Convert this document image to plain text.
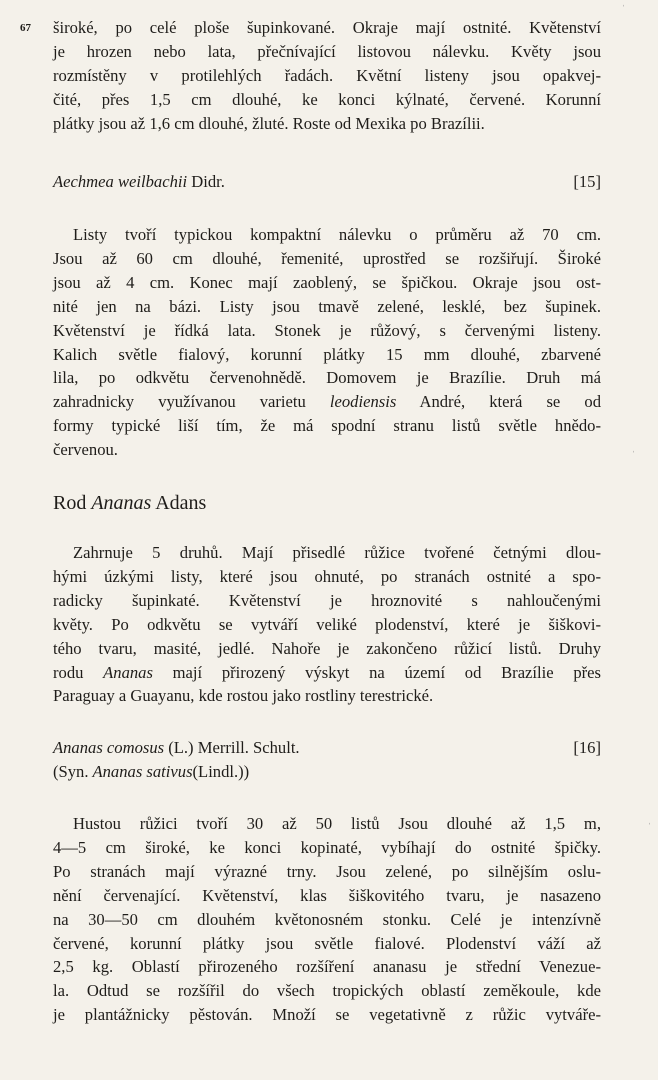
67
ˈ
ˈ
ˈ

široké, po celé ploše šupinkované. Okraje mají ostnité. Květenství
je hrozen nebo lata, přečnívající listovou nálevku. Květy jsou
rozmístěny v protilehlých řadách. Květní listeny jsou opakvej-
čité, přes 1,5 cm dlouhé, ke konci kýlnaté, červené. Korunní
plátky jsou až 1,6 cm dlouhé, žluté. Roste od Mexika po Brazílii.

Aechmea weilbachii Didr.	[15]

Listy tvoří typickou kompaktní nálevku o průměru až 70 cm.
Jsou až 60 cm dlouhé, řemenité, uprostřed se rozšiřují. Široké
jsou až 4 cm. Konec mají zaoblený, se špičkou. Okraje jsou ost-
nité jen na bázi. Listy jsou tmavě zelené, lesklé, bez šupinek.
Květenství je řídká lata. Stonek je růžový, s červenými listeny.
Kalich světle fialový, korunní plátky 15 mm dlouhé, zbarvené
lila, po odkvětu červenohnědě. Domovem je Brazílie. Druh má
zahradnicky využívanou varietu leodiensis André, která se od
formy typické liší tím, že má spodní stranu listů světle hnědo-
červenou.

Rod Ananas Adans

Zahrnuje 5 druhů. Mají přisedlé růžice tvořené četnými dlou-
hými úzkými listy, které jsou ohnuté, po stranách ostnité a spo-
radicky šupinkaté. Květenství je hroznovité s nahloučenými
květy. Po odkvětu se vytváří veliké plodenství, které je šiškovi-
tého tvaru, masité, jedlé. Nahoře je zakončeno růžicí listů. Druhy
rodu Ananas mají přirozený výskyt na území od Brazílie přes
Paraguay a Guayanu, kde rostou jako rostliny terestrické.

Ananas comosus (L.) Merrill. Schult.	[16]
(Syn. Ananas sativus (Lindl.))

Hustou růžici tvoří 30 až 50 listů Jsou dlouhé až 1,5 m,
4—5 cm široké, ke konci kopinaté, vybíhají do ostnité špičky.
Po stranách mají výrazné trny. Jsou zelené, po silnějším oslu-
nění červenající. Květenství, klas šiškovitého tvaru, je nasazeno
na 30—50 cm dlouhém květonosném stonku. Celé je intenzívně
červené, korunní plátky jsou světle fialové. Plodenství váží až
2,5 kg. Oblastí přirozeného rozšíření ananasu je střední Venezue-
la. Odtud se rozšířil do všech tropických oblastí zeměkoule, kde
je plantážnicky pěstován. Množí se vegetativně z růžic vytváře-
